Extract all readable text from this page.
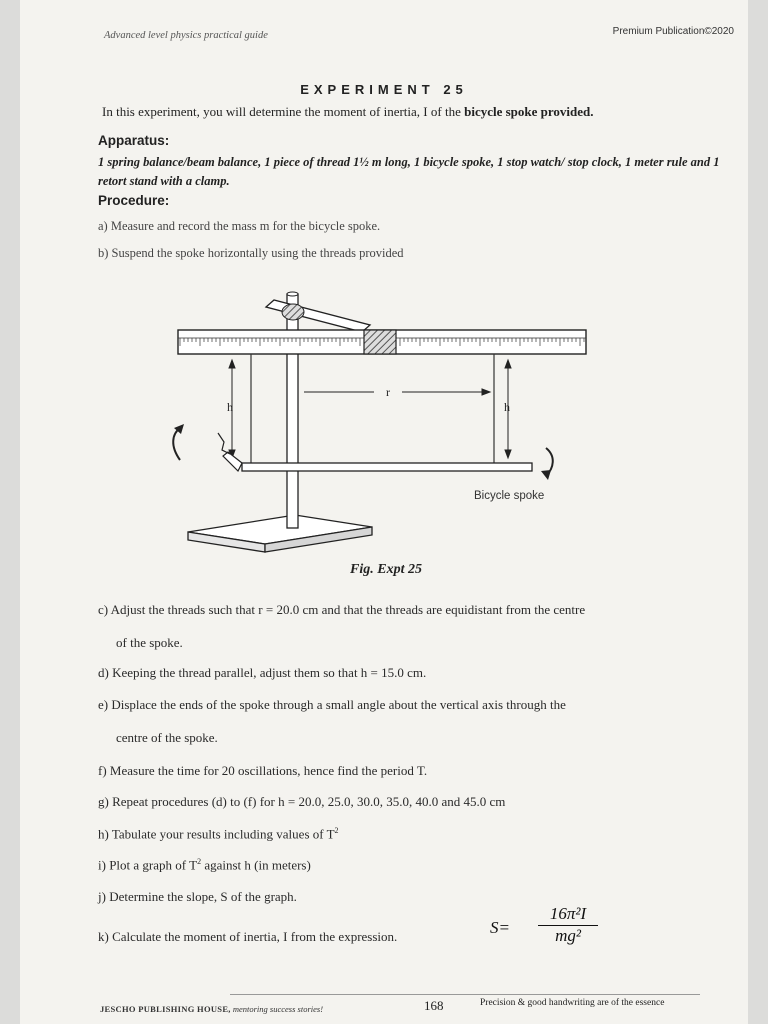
Advanced level physics practical guide	Premium Publication©2020
EXPERIMENT 25
In this experiment, you will determine the moment of inertia, I of the bicycle spoke provided.
Apparatus:
1 spring balance/beam balance, 1 piece of thread 1½ m long, 1 bicycle spoke, 1 stop watch/ stop clock, 1 meter rule and 1 retort stand with a clamp.
Procedure:
a) Measure and record the mass m for the bicycle spoke.
b) Suspend the spoke horizontally using the threads provided
h	h
r
Bicycle spoke
Fig. Expt 25
c) Adjust the threads such that r = 20.0 cm and that the threads are equidistant from the centre
of the spoke.
d) Keeping the thread parallel, adjust them so that h = 15.0 cm.
e) Displace the ends of the spoke through a small angle about the vertical axis through the
centre of the spoke.
f) Measure the time for 20 oscillations, hence find the period T.
g) Repeat procedures (d) to (f) for h = 20.0, 25.0, 30.0, 35.0, 40.0 and 45.0 cm
h) Tabulate your results including values of $T^2$
i) Plot a graph of $T^2$ against h (in meters)
j) Determine the slope, S of the graph.
k) Calculate the moment of inertia, I from the expression.	$S= \frac{\text{16π²I}}{\text{mg²}}$
JESCHO PUBLISHING HOUSE, mentoring success stories!	168	Precision & good handwriting are of the essence
